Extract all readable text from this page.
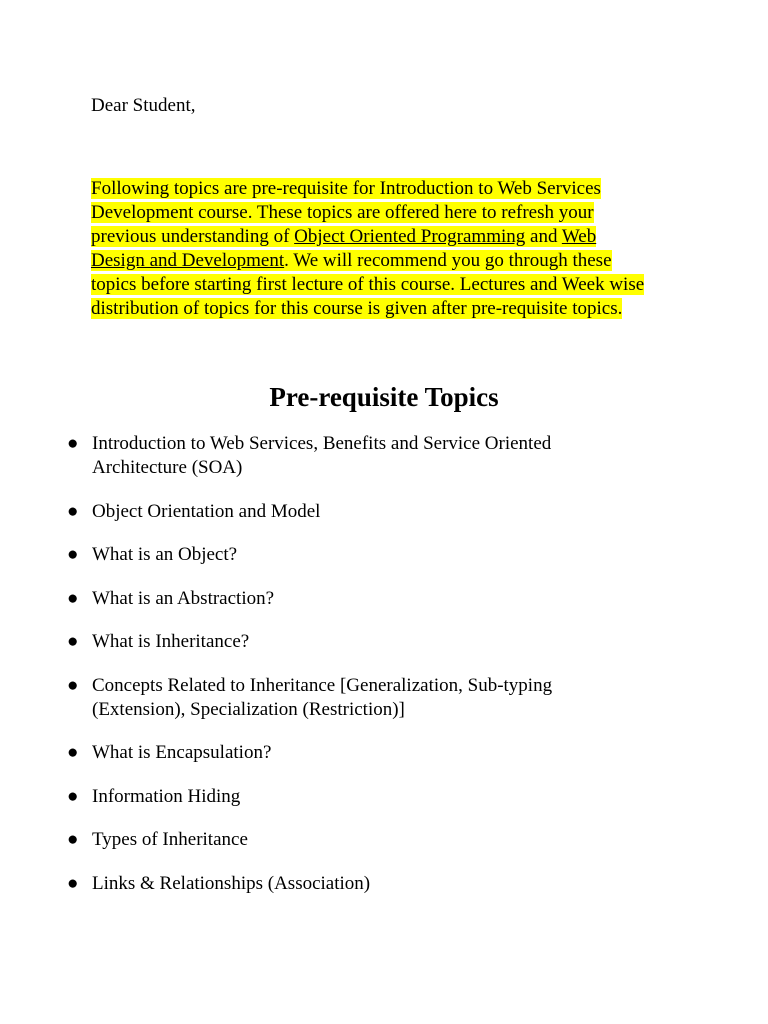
Dear Student,

Following topics are pre-requisite for Introduction to Web Services
Development course. These topics are offered here to refresh your
previous understanding of Object Oriented Programming and Web
Design and Development. We will recommend you go through these
topics before starting first lecture of this course. Lectures and Week wise
distribution of topics for this course is given after pre-requisite topics.
Pre-requisite Topics
● Introduction to Web Services, Benefits and Service Oriented
Architecture (SOA)
● Object Orientation and Model
● What is an Object?
● What is an Abstraction?
● What is Inheritance?
● Concepts Related to Inheritance [Generalization, Sub-typing
(Extension), Specialization (Restriction)]
● What is Encapsulation?
● Information Hiding
● Types of Inheritance
● Links & Relationships (Association)
